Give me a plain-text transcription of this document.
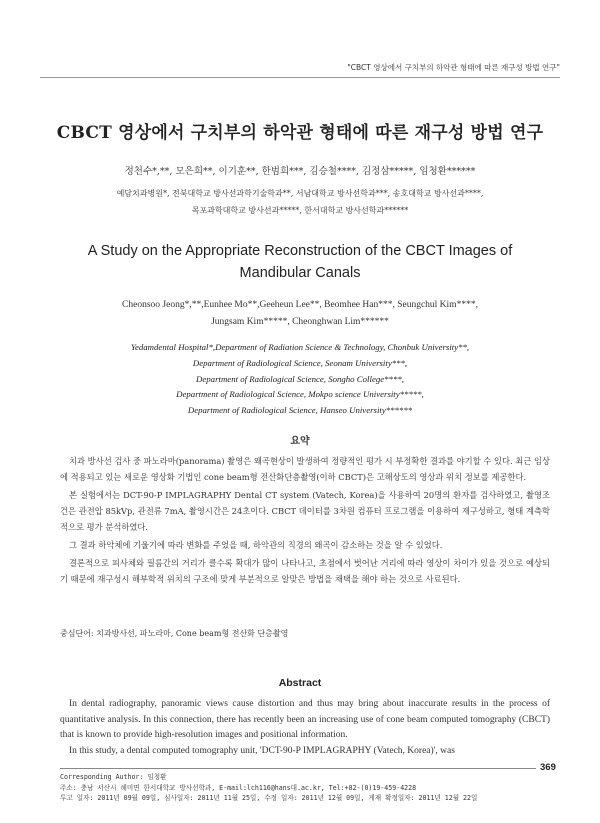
"CBCT 영상에서 구치부의 하악관 형태에 따른 재구성 방법 연구"
CBCT 영상에서 구치부의 하악관 형태에 따른 재구성 방법 연구
정천수*,**, 모은희**, 이기훈**, 한범희***, 김승철****, 김정삼*****, 임청환******
예담치과병원*, 전북대학교 방사선과학기술학과**, 서남대학교 방사선학과***, 송호대학교 방사선과****,
목포과학대학교 방사선과*****, 한서대학교 방사선학과******
A Study on the Appropriate Reconstruction of the CBCT Images of
Mandibular Canals
Cheonsoo Jeong*,**,Eunhee Mo**,Geeheun Lee**, Beomhee Han***, Seungchul Kim****,
Jungsam Kim*****, Cheonghwan Lim******
Yedamdental Hospital*,Department of Radiation Science & Technology, Chonbuk University**,
Department of Radiological Science, Seonam University***,
Department of Radiological Science, Songho College****,
Department of Radiological Science, Mokpo science University*****,
Department of Radiological Science, Hanseo University******
요약

치과 방사선 검사 중 파노라마(panorama) 촬영은 왜곡현상이 발생하여 정량적인 평가 시 부정확한 결과를 야기할 수 있다. 최근 임상에 적용되고 있는 새로운 영상화 기법인 cone beam형 전산화단층촬영(이하 CBCT)은 고해상도의 영상과 위치 정보를 제공한다.

본 실험에서는 DCT-90-P IMPLAGRAPHY Dental CT system (Vatech, Korea)을 사용하여 20명의 환자를 검사하였고, 촬영조건은 관전압 85kVp, 관전류 7mA, 촬영시간은 24초이다. CBCT 데이터를 3차원 컴퓨터 프로그램을 이용하여 재구성하고, 형태 계측학적으로 평가 분석하였다.

그 결과 하악체에 기울기에 따라 변화를 주었을 때, 하악관의 직경의 왜곡이 감소하는 것을 알 수 있었다.

결론적으로 피사체와 필름간의 거리가 클수록 확대가 많이 나타나고, 초점에서 벗어난 거리에 따라 영상이 차이가 있을 것으로 예상되기 때문에 재구성시 해부학적 위치의 구조에 맞게 부분적으로 알맞은 방법을 채택을 해야 하는 것으로 사료된다.

중심단어: 치과방사선, 파노라마, Cone beam형 전산화 단층촬영
Abstract

In dental radiography, panoramic views cause distortion and thus may bring about inaccurate results in the process of quantitative analysis. In this connection, there has recently been an increasing use of cone beam computed tomography (CBCT) that is known to provide high-resolution images and positional information.

In this study, a dental computed tomography unit, 'DCT-90-P IMPLAGRAPHY (Vatech, Korea)', was

369
Corresponding Author: 임청환
주소: 충남 서산시 해미면 한서대학교 방사선학과, E-mail:lch116@hans대.ac.kr, Tel:+82-(0)19-459-4228
투고 일자: 2011년 09월 09일, 심사일자: 2011년 11월 25일, 수정 일자: 2011년 12월 09일, 게재 확정일자: 2011년 12월 22일
